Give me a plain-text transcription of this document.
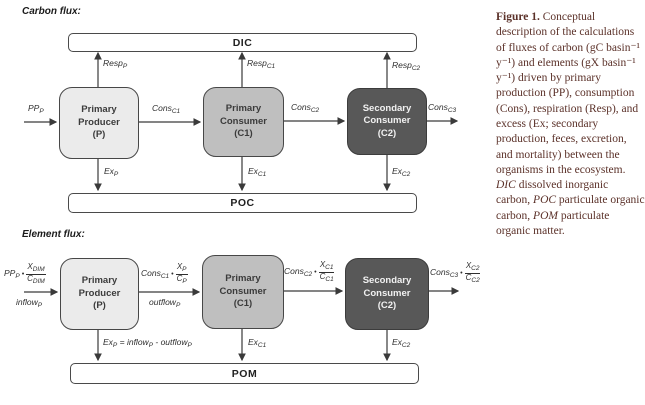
Carbon flux:
DIC
Primary
Producer
(P)
Primary
Consumer
(C1)
Secondary
Consumer
(C2)
POC
$PP_P$	Cons$_{C1}$	Cons$_{C2}$	Cons$_{C3}$
Resp$_P$	Resp$_{C1}$	Resp$_{C2}$
$Ex_P$	$Ex_{C1}$	$Ex_{C2}$
Element flux:
Primary
Producer
(P)
Primary
Consumer
(C1)
Secondary
Consumer
(C2)
POM
$PP_P$ • $\frac{X_{DIM}}{C_{DIM}}$
inflow$_P$
Cons$_{C1}$ • $\frac{X_P}{C_P}$
outflow$_P$
Cons$_{C2}$ • $\frac{X_{C1}}{C_{C1}}$	Cons$_{C3}$ • $\frac{X_{C2}}{C_{C2}}$
$Ex_P$ = inflow$_P$ - outflow$_P$	$Ex_{C1}$	$Ex_{C2}$
Figure 1. Conceptual description of the calculations of fluxes of carbon (gC basin⁻¹ y⁻¹) and elements (gX basin⁻¹ y⁻¹) driven by primary production (PP), consumption (Cons), respiration (Resp), and excess (Ex; secondary production, feces, excretion, and mortality) between the organisms in the ecosystem. DIC dissolved inorganic carbon, POC particulate organic carbon, POM particulate organic matter.
